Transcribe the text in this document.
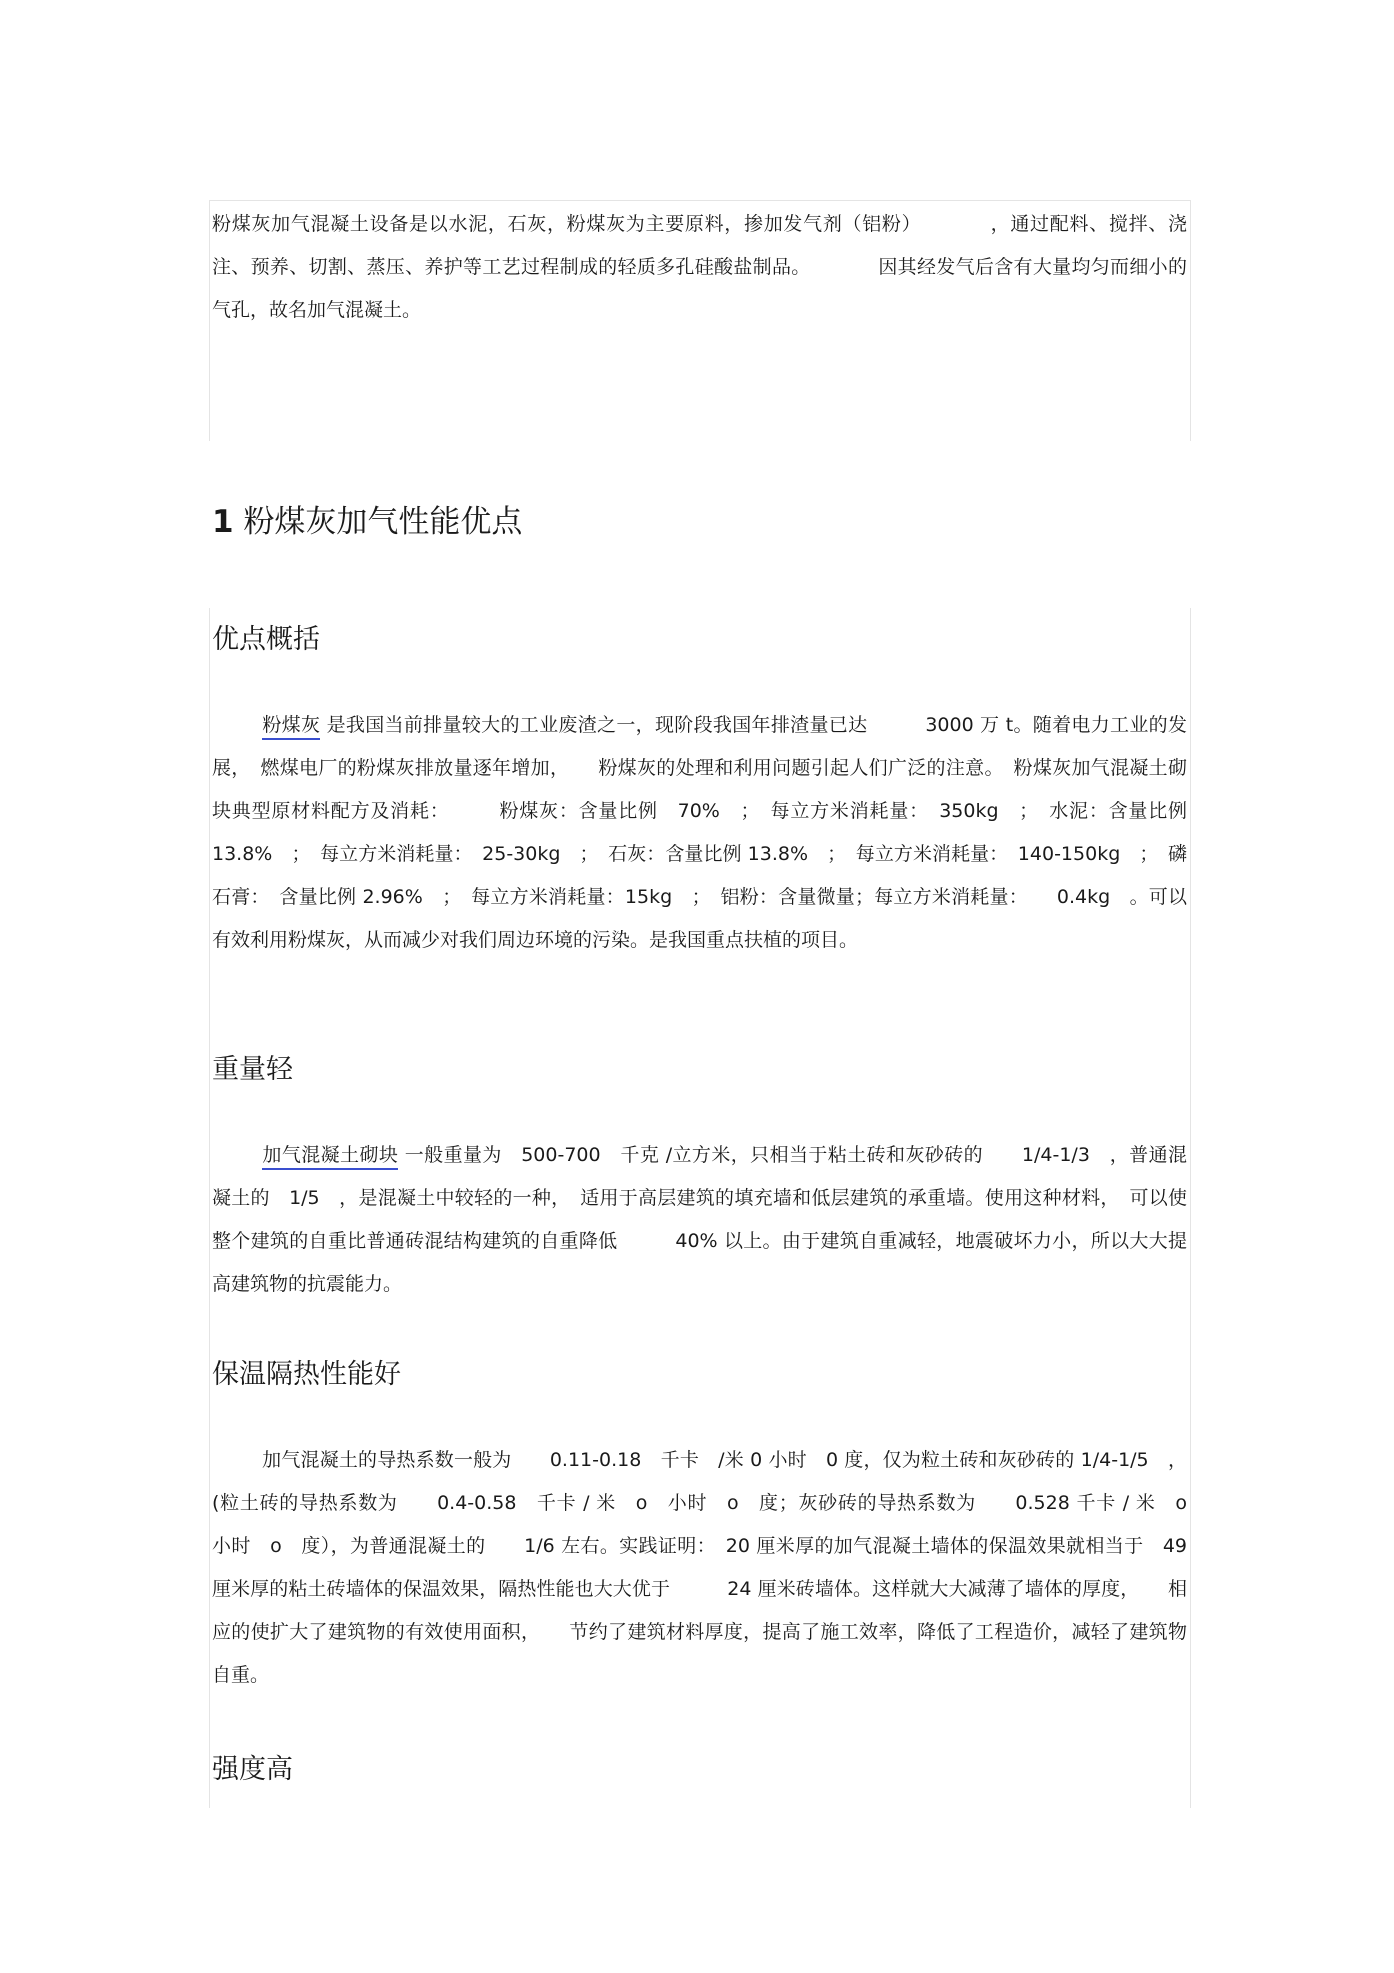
粉煤灰加气混凝土设备是以水泥，石灰，粉煤灰为主要原料，掺加发气剂（铝粉）　　　　，通过配料、搅拌、浇注、预养、切割、蒸压、养护等工艺过程制成的轻质多孔硅酸盐制品。　　　　因其经发气后含有大量均匀而细小的气孔，故名加气混凝土。

1 粉煤灰加气性能优点
优点概括

粉煤灰 是我国当前排量较大的工业废渣之一，现阶段我国年排渣量已达　　　3000 万 t。随着电力工业的发展，　燃煤电厂的粉煤灰排放量逐年增加，　　粉煤灰的处理和利用问题引起人们广泛的注意。　粉煤灰加气混凝土砌块典型原材料配方及消耗：　　　粉煤灰：含量比例　70%　；　每立方米消耗量：　350kg　；　水泥：含量比例　13.8%　；　每立方米消耗量：　25-30kg　；　石灰：含量比例 13.8%　；　每立方米消耗量：　140-150kg　；　磷石膏：　含量比例 2.96%　；　每立方米消耗量：15kg　；　铝粉：含量微量；每立方米消耗量：　　0.4kg　。可以有效利用粉煤灰，从而减少对我们周边环境的污染。是我国重点扶植的项目。

重量轻

加气混凝土砌块 一般重量为　500-700　千克 /立方米，只相当于粘土砖和灰砂砖的　　1/4-1/3　，普通混凝土的　1/5　，是混凝土中较轻的一种，　适用于高层建筑的填充墙和低层建筑的承重墙。使用这种材料，　可以使整个建筑的自重比普通砖混结构建筑的自重降低　　　40% 以上。由于建筑自重减轻，地震破坏力小，所以大大提高建筑物的抗震能力。

保温隔热性能好

加气混凝土的导热系数一般为　　0.11-0.18　千卡　/米 0 小时　0 度，仅为粒土砖和灰砂砖的 1/4-1/5　，(粒土砖的导热系数为　　0.4-0.58　千卡 / 米　o　小时　o　度；灰砂砖的导热系数为　　0.528 千卡 / 米　o　小时　o　度），为普通混凝土的　　1/6 左右。实践证明：　20 厘米厚的加气混凝土墙体的保温效果就相当于　49 厘米厚的粘土砖墙体的保温效果，隔热性能也大大优于　　　24 厘米砖墙体。这样就大大减薄了墙体的厚度，　　相应的使扩大了建筑物的有效使用面积，　　节约了建筑材料厚度，提高了施工效率，降低了工程造价，减轻了建筑物自重。

强度高
